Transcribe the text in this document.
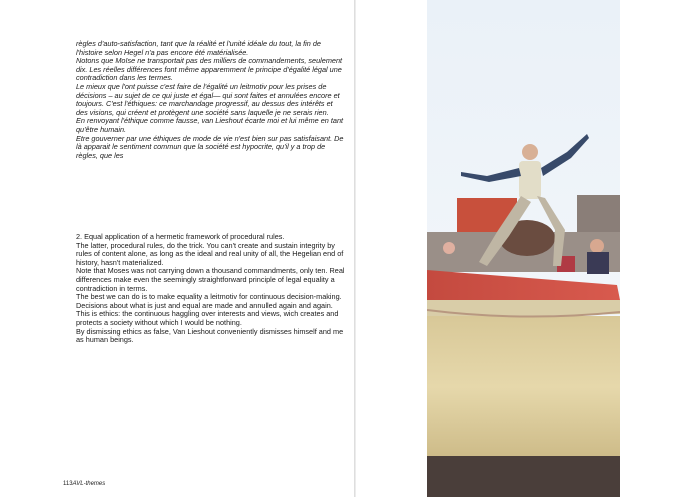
règles d'auto-satisfaction, tant que la réalité et l'unité idéale du tout, la fin de l'histoire selon Hegel n'a pas encore été matérialisée.

Notons que Moïse ne transportait pas des milliers de commandements, seulement dix. Les réelles différences font même apparemment le principe d'égalité légal une contradiction dans les termes.

Le mieux que l'ont puisse c'est faire de l'égalité un leitmotiv pour les prises de décisions – au sujet de ce qui juste et égal— qui sont faites et annulées encore et toujours. C'est l'éthiques: ce marchandage progressif, au dessus des intérêts et des visions, qui créent et protègent une société sans laquelle je ne serais rien.

En renvoyant l'éthique comme fausse, van Lieshout écarte moi et lui même en tant qu'être humain.

Etre gouverner par une éthiques de mode de vie n'est bien sur pas satisfaisant. De là apparait le sentiment commun que la société est hypocrite, qu'il y a trop de règles, que les

2. Equal application of a hermetic framework of procedural rules.

The latter, procedural rules, do the trick. You can't create and sustain integrity by rules of content alone, as long as the ideal and real unity of all, the Hegelian end of history, hasn't materialized.

Note that Moses was not carrying down a thousand commandments, only ten. Real differences make even the seemingly straightforward principle of legal equality a contradiction in terms.

The best we can do is to make equality a leitmotiv for continuous decision-making. Decisions about what is just and equal are made and annulled again and again. This is ethics: the continuous haggling over interests and views, wich creates and protects a society without which I would be nothing.

By dismissing ethics as false, Van Lieshout conveniently dismisses himself and me as human beings.

113AVL-themes
